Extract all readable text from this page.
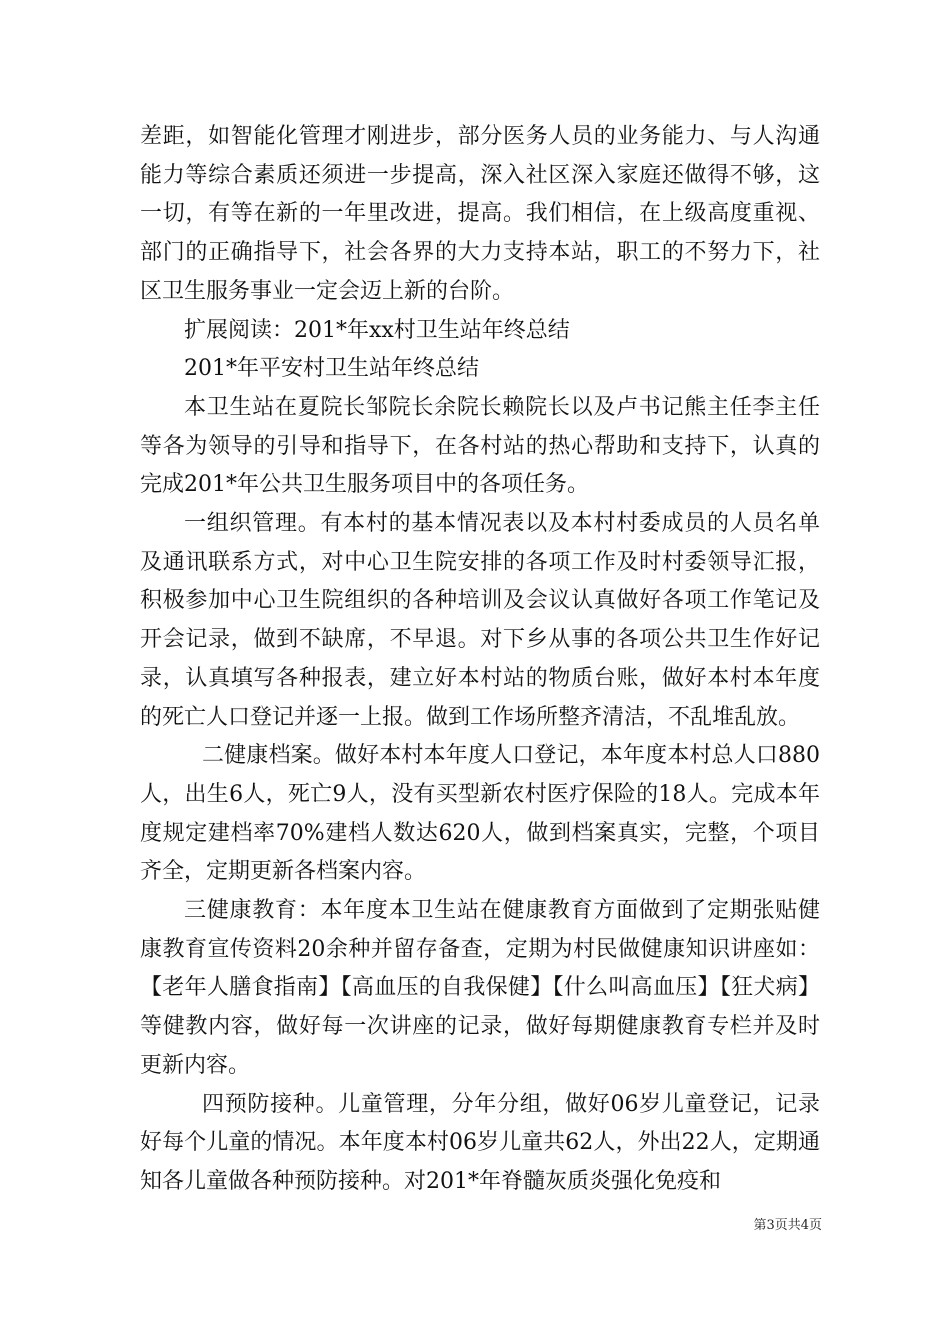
差距，如智能化管理才刚进步，部分医务人员的业务能力、与人沟通能力等综合素质还须进一步提高，深入社区深入家庭还做得不够，这一切，有等在新的一年里改进，提高。我们相信，在上级高度重视、部门的正确指导下，社会各界的大力支持本站，职工的不努力下，社区卫生服务事业一定会迈上新的台阶。

扩展阅读：201*年xx村卫生站年终总结

201*年平安村卫生站年终总结

本卫生站在夏院长邹院长余院长赖院长以及卢书记熊主任李主任等各为领导的引导和指导下，在各村站的热心帮助和支持下，认真的完成201*年公共卫生服务项目中的各项任务。

一组织管理。有本村的基本情况表以及本村村委成员的人员名单及通讯联系方式，对中心卫生院安排的各项工作及时村委领导汇报，积极参加中心卫生院组织的各种培训及会议认真做好各项工作笔记及开会记录，做到不缺席，不早退。对下乡从事的各项公共卫生作好记录，认真填写各种报表，建立好本村站的物质台账，做好本村本年度的死亡人口登记并逐一上报。做到工作场所整齐清洁，不乱堆乱放。

二健康档案。做好本村本年度人口登记，本年度本村总人口880人，出生6人，死亡9人，没有买型新农村医疗保险的18人。完成本年度规定建档率70%建档人数达620人，做到档案真实，完整，个项目齐全，定期更新各档案内容。

三健康教育：本年度本卫生站在健康教育方面做到了定期张贴健康教育宣传资料20余种并留存备查，定期为村民做健康知识讲座如：【老年人膳食指南】【高血压的自我保健】【什么叫高血压】【狂犬病】等健教内容，做好每一次讲座的记录，做好每期健康教育专栏并及时更新内容。

四预防接种。儿童管理，分年分组，做好06岁儿童登记，记录好每个儿童的情况。本年度本村06岁儿童共62人，外出22人，定期通知各儿童做各种预防接种。对201*年脊髓灰质炎强化免疫和

第3页共4页
